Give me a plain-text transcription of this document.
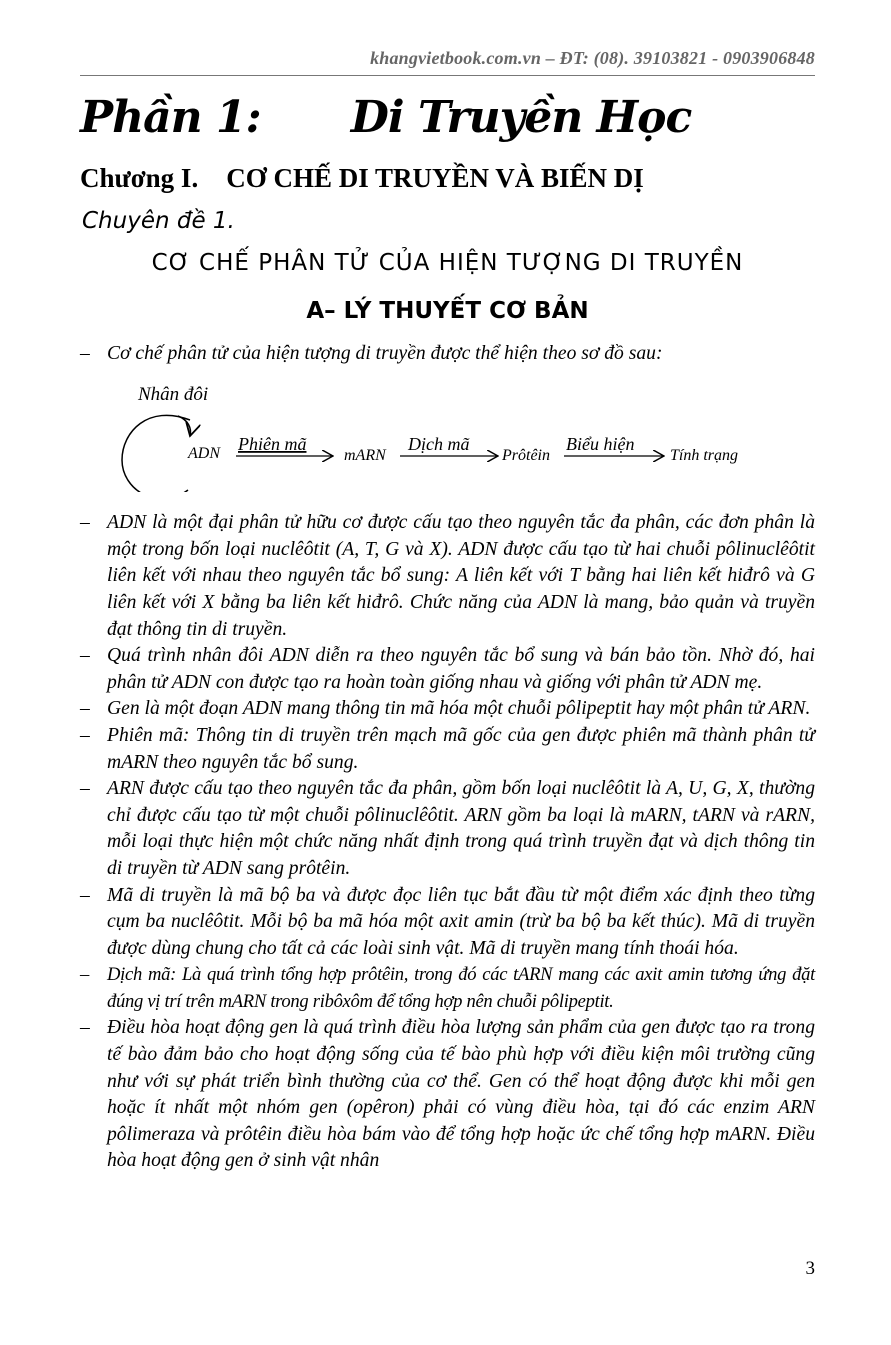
khangvietbook.com.vn – ĐT: (08). 39103821 - 0903906848
Phần 1: Di Truyền Học
Chương I. CƠ CHẾ DI TRUYỀN VÀ BIẾN DỊ
Chuyên đề 1.
CƠ CHẾ PHÂN TỬ CỦA HIỆN TƯỢNG DI TRUYỀN
A– LÝ THUYẾT CƠ BẢN
– Cơ chế phân tử của hiện tượng di truyền được thể hiện theo sơ đồ sau:
Nhân đôi
ADN Phiên mã
mARN
Dịch mã
Prôtêin
Biểu hiện
Tính trạng
– ADN là một đại phân tử hữu cơ được cấu tạo theo nguyên tắc đa phân, các đơn phân là một trong bốn loại nuclêôtit (A, T, G và X). ADN được cấu tạo từ hai chuỗi pôlinuclêôtit liên kết với nhau theo nguyên tắc bổ sung: A liên kết với T bằng hai liên kết hiđrô và G liên kết với X bằng ba liên kết hiđrô. Chức năng của ADN là mang, bảo quản và truyền đạt thông tin di truyền.
– Quá trình nhân đôi ADN diễn ra theo nguyên tắc bổ sung và bán bảo tồn. Nhờ đó, hai phân tử ADN con được tạo ra hoàn toàn giống nhau và giống với phân tử ADN mẹ.
– Gen là một đoạn ADN mang thông tin mã hóa một chuỗi pôlipeptit hay một phân tử ARN.
– Phiên mã: Thông tin di truyền trên mạch mã gốc của gen được phiên mã thành phân tử mARN theo nguyên tắc bổ sung.
– ARN được cấu tạo theo nguyên tắc đa phân, gồm bốn loại nuclêôtit là A, U, G, X, thường chỉ được cấu tạo từ một chuỗi pôlinuclêôtit. ARN gồm ba loại là mARN, tARN và rARN, mỗi loại thực hiện một chức năng nhất định trong quá trình truyền đạt và dịch thông tin di truyền từ ADN sang prôtêin.
– Mã di truyền là mã bộ ba và được đọc liên tục bắt đầu từ một điểm xác định theo từng cụm ba nuclêôtit. Mỗi bộ ba mã hóa một axit amin (trừ ba bộ ba kết thúc). Mã di truyền được dùng chung cho tất cả các loài sinh vật. Mã di truyền mang tính thoái hóa.
– Dịch mã: Là quá trình tổng hợp prôtêin, trong đó các tARN mang các axit amin tương ứng đặt đúng vị trí trên mARN trong ribôxôm để tổng hợp nên chuỗi pôlipeptit.
– Điều hòa hoạt động gen là quá trình điều hòa lượng sản phẩm của gen được tạo ra trong tế bào đảm bảo cho hoạt động sống của tế bào phù hợp với điều kiện môi trường cũng như với sự phát triển bình thường của cơ thể. Gen có thể hoạt động được khi mỗi gen hoặc ít nhất một nhóm gen (opêron) phải có vùng điều hòa, tại đó các enzim ARN pôlimeraza và prôtêin điều hòa bám vào để tổng hợp hoặc ức chế tổng hợp mARN. Điều hòa hoạt động gen ở sinh vật nhân
3
